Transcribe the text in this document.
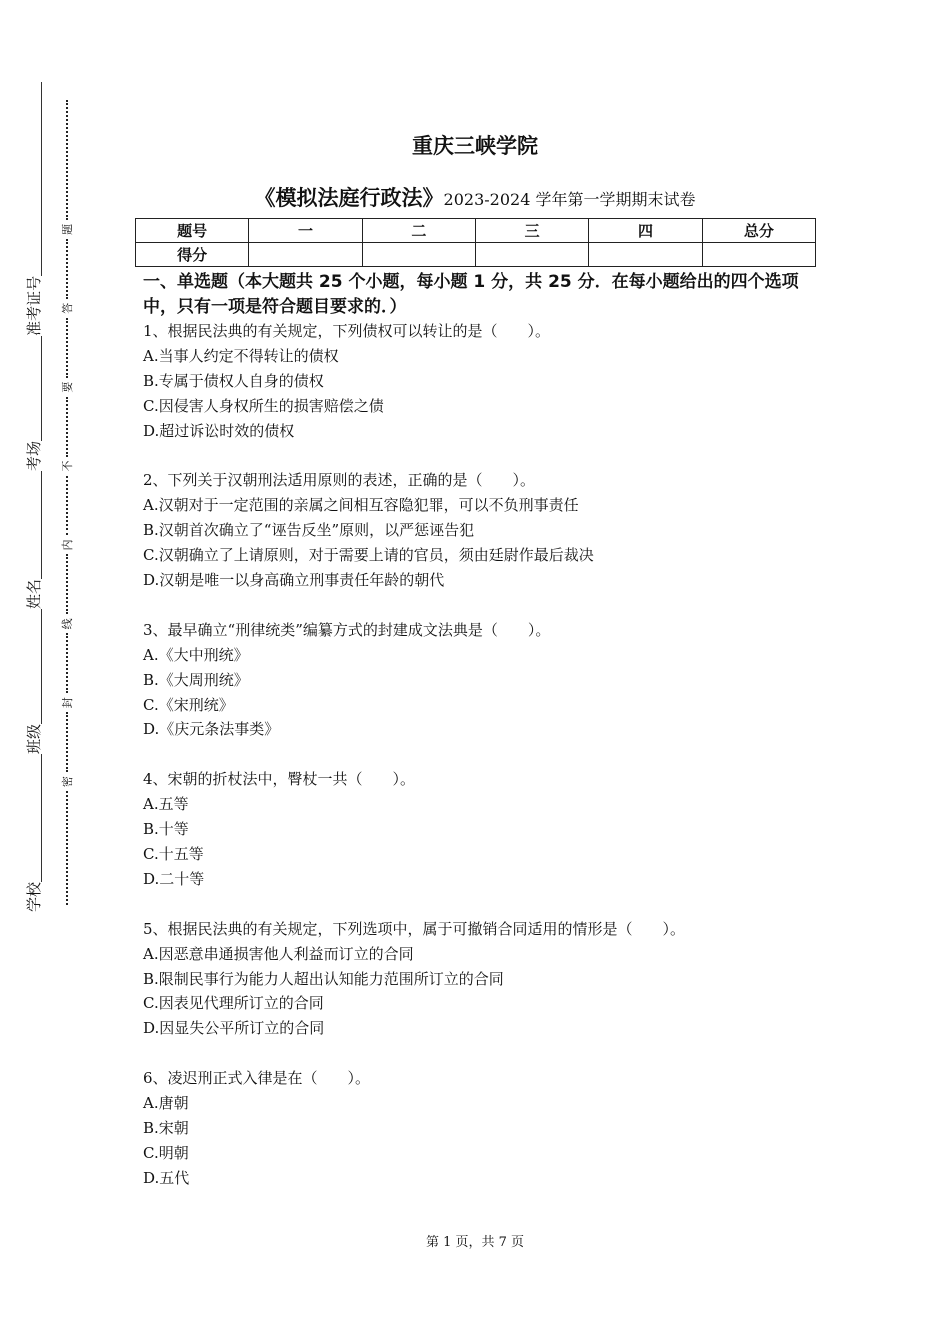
学校
班级
姓名
考场
准考证号
密
封
线
内
不
要
答
题
重庆三峡学院
《模拟法庭行政法》2023-2024 学年第一学期期末试卷
题号	一	二	三	四	总分
得分					
一、单选题（本大题共 25 个小题，每小题 1 分，共 25 分．在每小题给出的四个选项中，只有一项是符合题目要求的．）
1、根据民法典的有关规定，下列债权可以转让的是（　　）。
A.当事人约定不得转让的债权
B.专属于债权人自身的债权
C.因侵害人身权所生的损害赔偿之债
D.超过诉讼时效的债权
2、下列关于汉朝刑法适用原则的表述，正确的是（　　）。
A.汉朝对于一定范围的亲属之间相互容隐犯罪，可以不负刑事责任
B.汉朝首次确立了“诬告反坐”原则，以严惩诬告犯
C.汉朝确立了上请原则，对于需要上请的官员，须由廷尉作最后裁决
D.汉朝是唯一以身高确立刑事责任年龄的朝代
3、最早确立“刑律统类”编纂方式的封建成文法典是（　　）。
A.《大中刑统》
B.《大周刑统》
C.《宋刑统》
D.《庆元条法事类》
4、宋朝的折杖法中，臀杖一共（　　）。
A.五等
B.十等
C.十五等
D.二十等
5、根据民法典的有关规定，下列选项中，属于可撤销合同适用的情形是（　　）。
A.因恶意串通损害他人利益而订立的合同
B.限制民事行为能力人超出认知能力范围所订立的合同
C.因表见代理所订立的合同
D.因显失公平所订立的合同
6、凌迟刑正式入律是在（　　）。
A.唐朝
B.宋朝
C.明朝
D.五代
第 1 页，共 7 页
